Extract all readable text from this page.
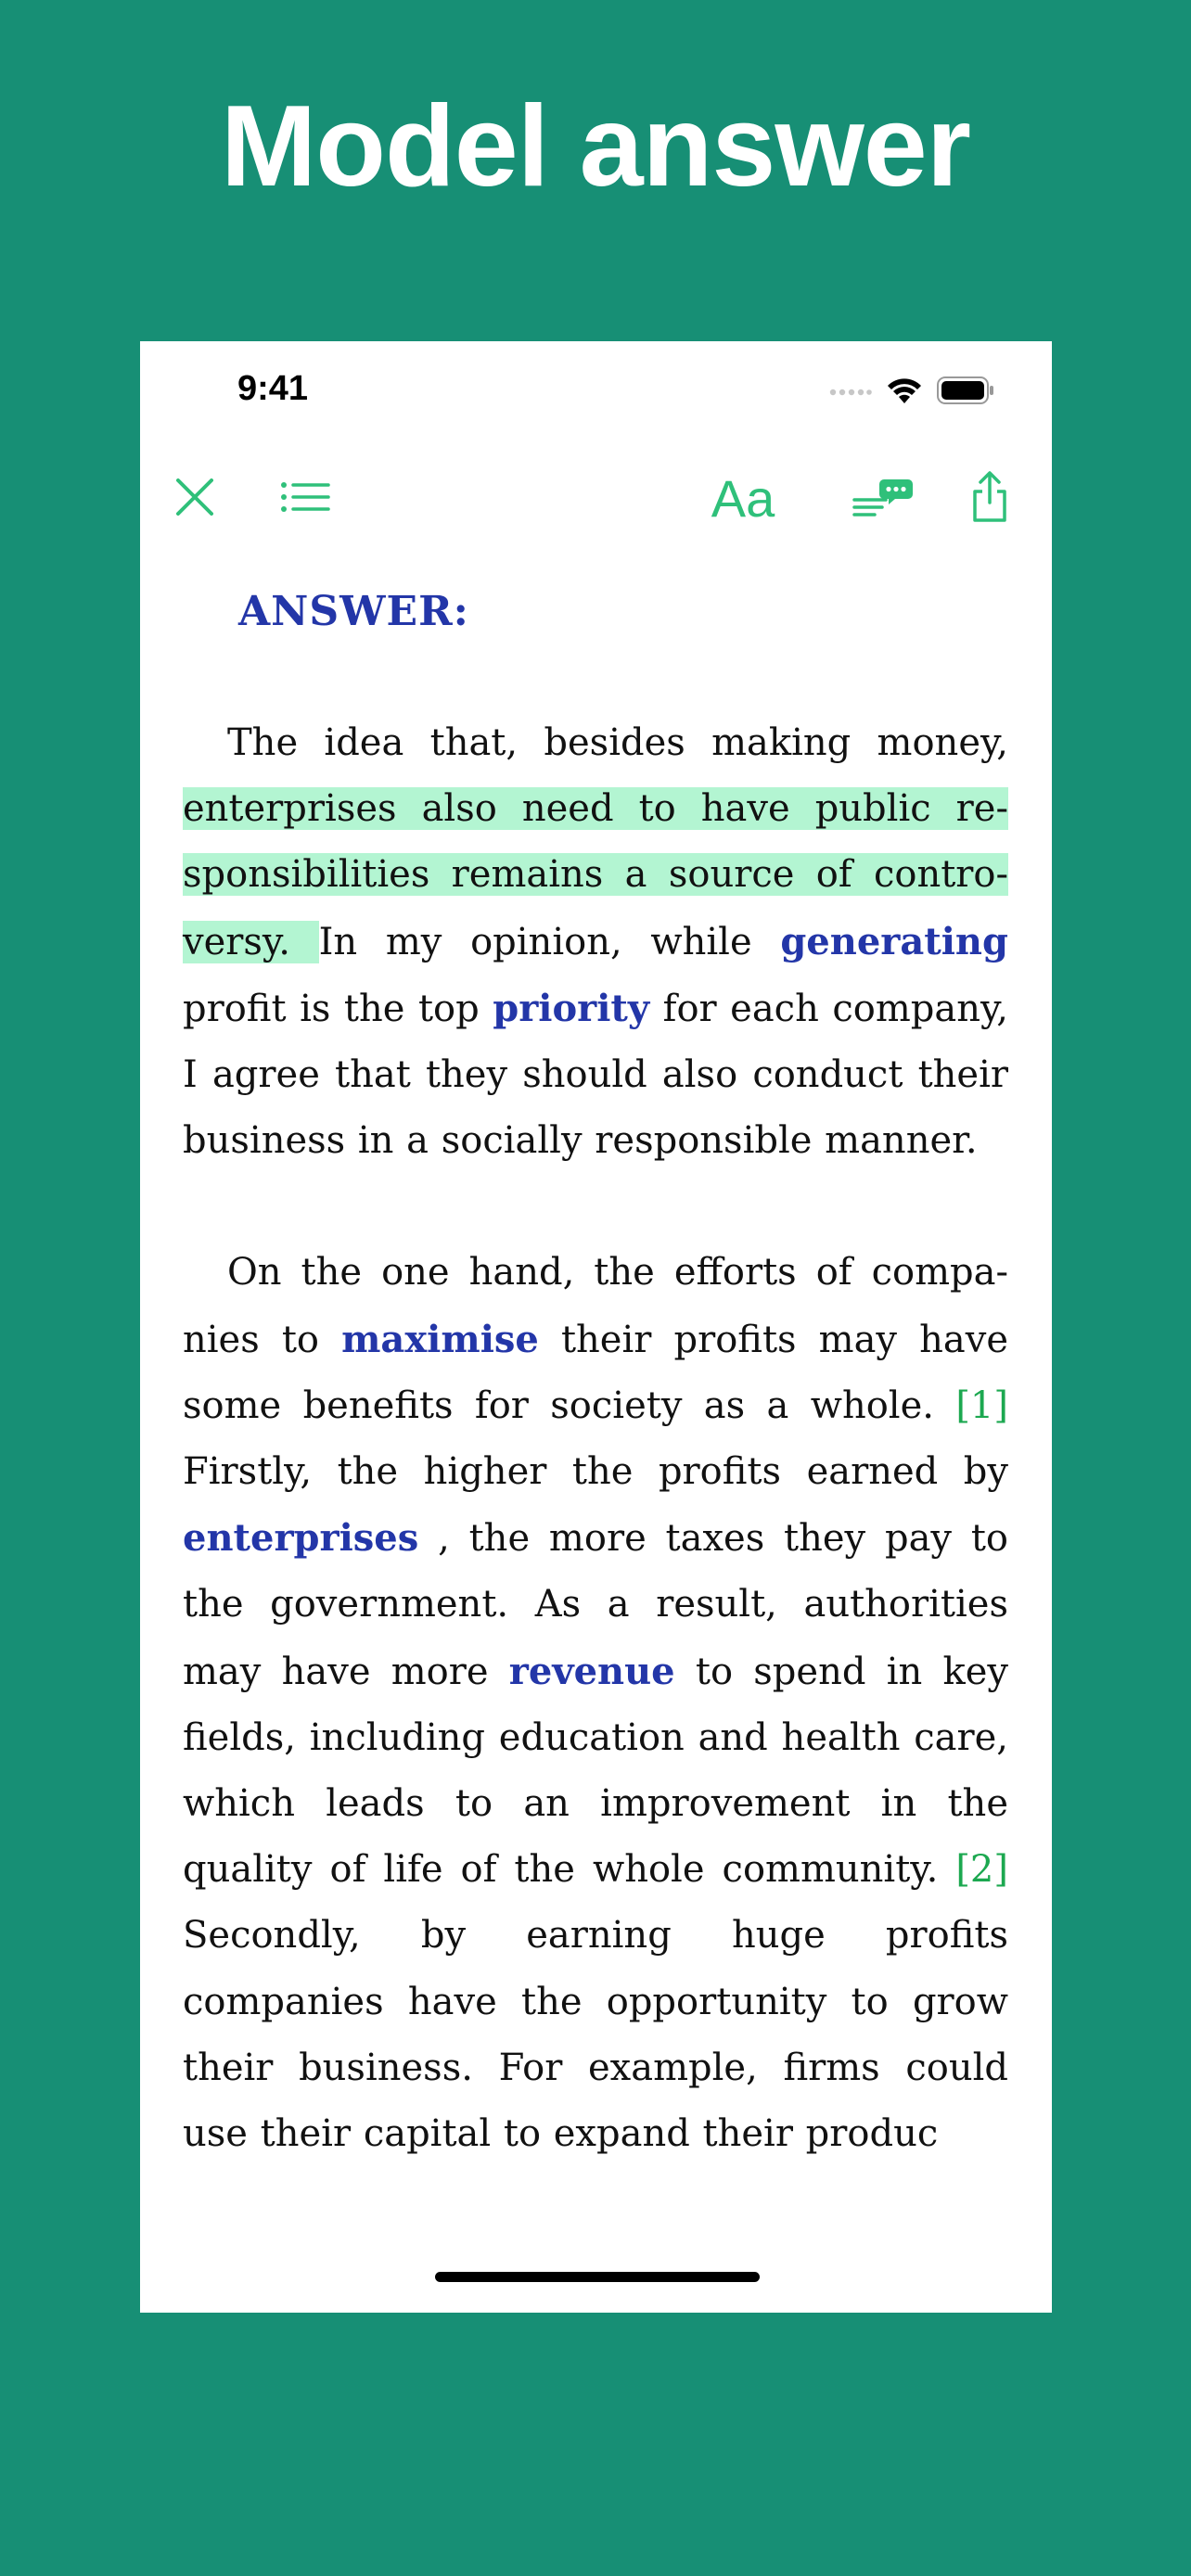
Model answer
9:41
Aa
ANSWER:

The idea that, besides making money, enterprises also need to have public responsibilities remains a source of controversy. In my opinion, while generating profit is the top priority for each company, I agree that they should also conduct their business in a socially responsible manner.

On the one hand, the efforts of companies to maximise their profits may have some benefits for society as a whole. [1] Firstly, the higher the profits earned by enterprises , the more taxes they pay to the government. As a result, authorities may have more revenue to spend in key fields, including education and health care, which leads to an improvement in the quality of life of the whole community. [2] Secondly, by earning huge profits companies have the opportunity to grow their business. For example, firms could use their capital to expand their produc
